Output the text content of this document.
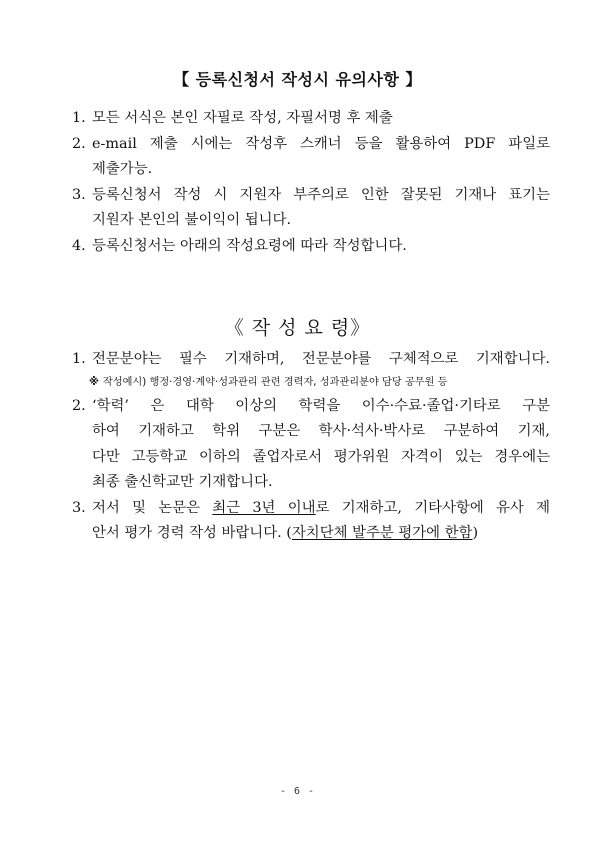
【 등록신청서 작성시 유의사항 】
1. 모든 서식은 본인 자필로 작성, 자필서명 후 제출
2. e-mail 제출 시에는 작성후 스캐너 등을 활용하여 PDF 파일로
제출가능.
3. 등록신청서 작성 시 지원자 부주의로 인한 잘못된 기재나 표기는
지원자 본인의 불이익이 됩니다.
4. 등록신청서는 아래의 작성요령에 따라 작성합니다.
《 작 성 요 령》
1. 전문분야는 필수 기재하며, 전문분야를 구체적으로 기재합니다.
※ 작성예시) 행정·경영·계약·성과관리 관련 경력자, 성과관리분야 담당 공무원 등
2. ‘학력’ 은 대학 이상의 학력을 이수·수료·졸업·기타로 구분
하여 기재하고 학위 구분은 학사·석사·박사로 구분하여 기재,
다만 고등학교 이하의 졸업자로서 평가위원 자격이 있는 경우에는
최종 출신학교만 기재합니다.
3. 저서 및 논문은 최근 3년 이내로 기재하고, 기타사항에 유사 제
안서 평가 경력 작성 바랍니다. (자치단체 발주분 평가에 한함)
- 6 -
